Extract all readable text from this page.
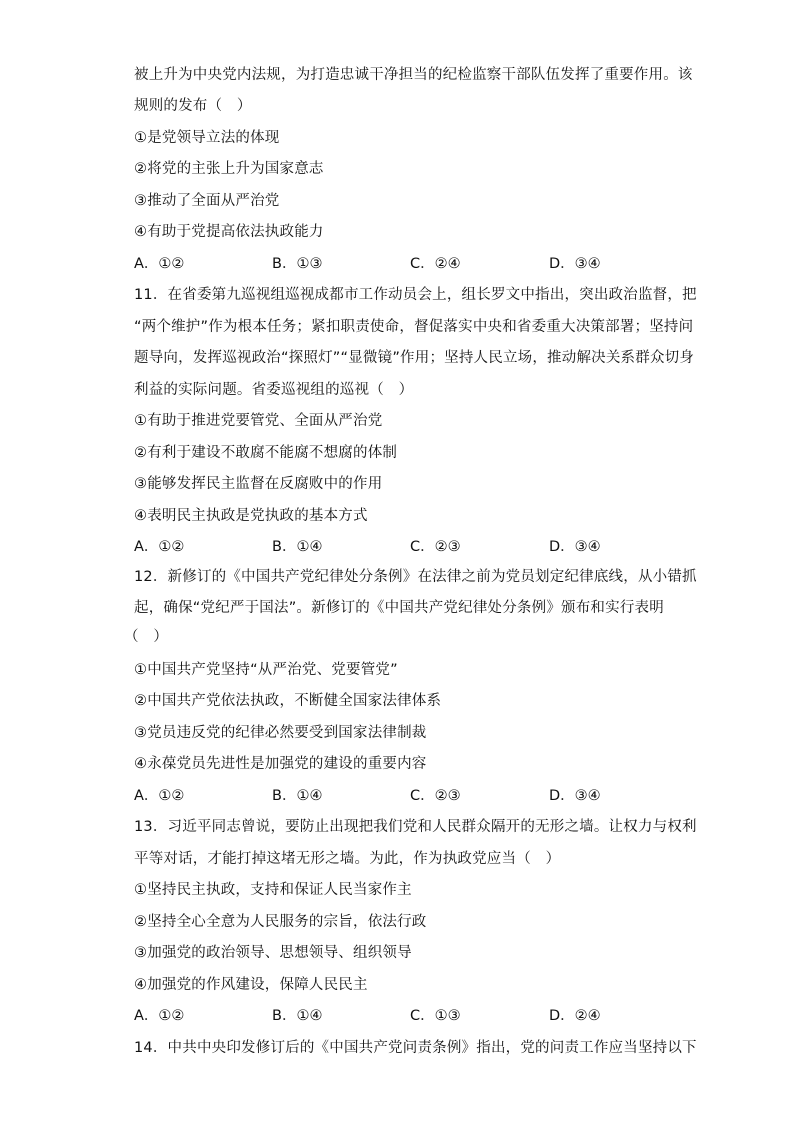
被上升为中央党内法规，为打造忠诚干净担当的纪检监察干部队伍发挥了重要作用。该
规则的发布（　）
①是党领导立法的体现
②将党的主张上升为国家意志
③推动了全面从严治党
④有助于党提高依法执政能力
A．①②	B．①③	C．②④	D．③④
11．在省委第九巡视组巡视成都市工作动员会上，组长罗文中指出，突出政治监督，把
“两个维护”作为根本任务；紧扣职责使命，督促落实中央和省委重大决策部署；坚持问
题导向，发挥巡视政治“探照灯”“显微镜”作用；坚持人民立场，推动解决关系群众切身
利益的实际问题。省委巡视组的巡视（　）
①有助于推进党要管党、全面从严治党
②有利于建设不敢腐不能腐不想腐的体制
③能够发挥民主监督在反腐败中的作用
④表明民主执政是党执政的基本方式
A．①②	B．①④	C．②③	D．③④
12．新修订的《中国共产党纪律处分条例》在法律之前为党员划定纪律底线，从小错抓
起，确保“党纪严于国法”。新修订的《中国共产党纪律处分条例》颁布和实行表明
（　）
①中国共产党坚持“从严治党、党要管党”
②中国共产党依法执政，不断健全国家法律体系
③党员违反党的纪律必然要受到国家法律制裁
④永葆党员先进性是加强党的建设的重要内容
A．①②	B．①④	C．②③	D．③④
13．习近平同志曾说，要防止出现把我们党和人民群众隔开的无形之墙。让权力与权利
平等对话，才能打掉这堵无形之墙。为此，作为执政党应当（　）
①坚持民主执政，支持和保证人民当家作主
②坚持全心全意为人民服务的宗旨，依法行政
③加强党的政治领导、思想领导、组织领导
④加强党的作风建设，保障人民民主
A．①②	B．①④	C．①③	D．②④
14．中共中央印发修订后的《中国共产党问责条例》指出，党的问责工作应当坚持以下
